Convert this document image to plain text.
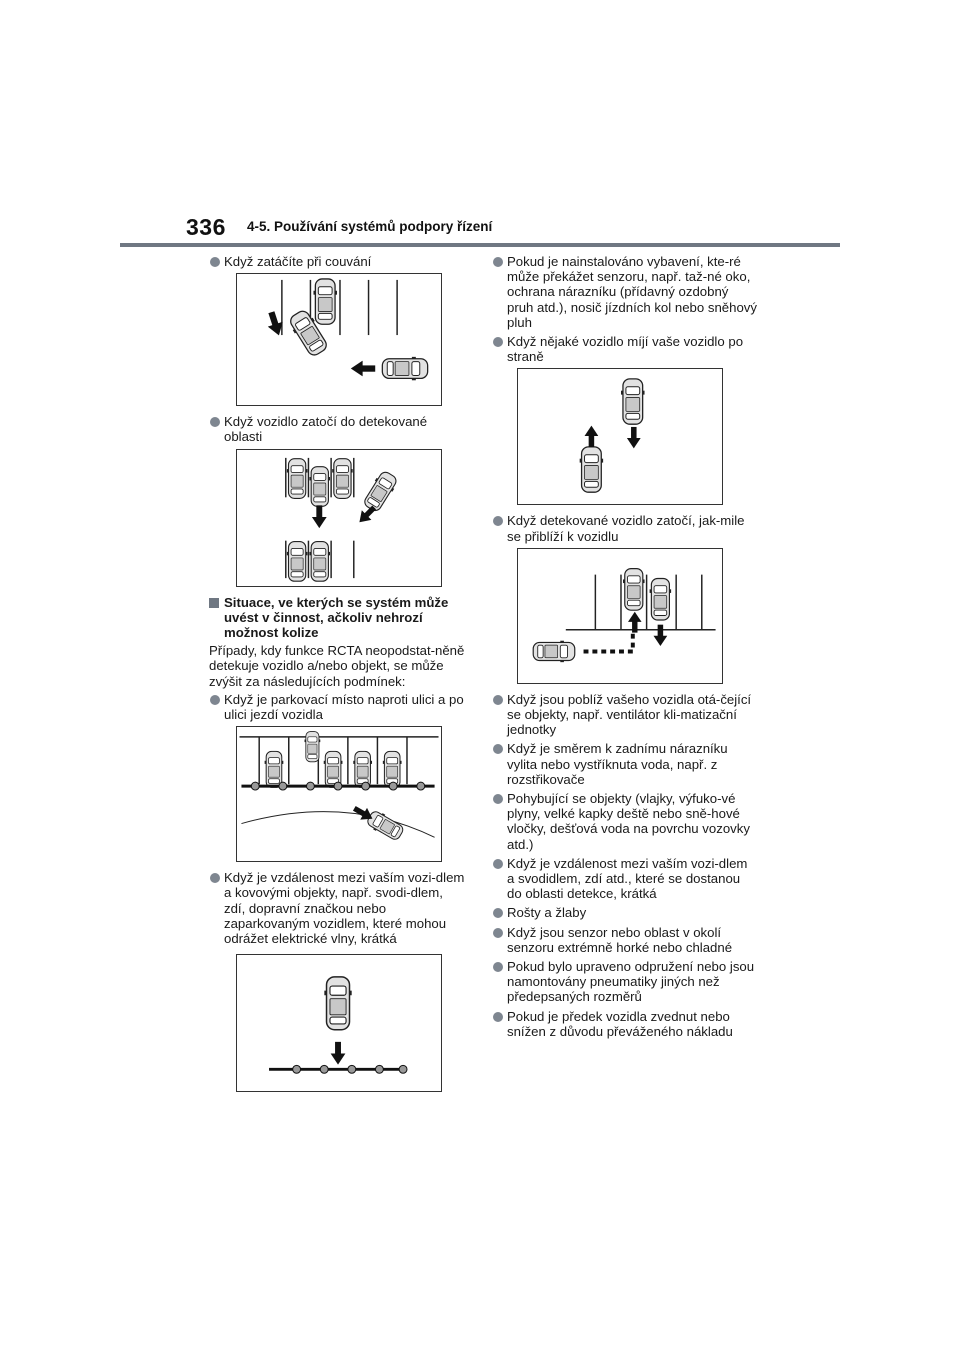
336 4-5. Používání systémů podpory řízení
Když zatáčíte při couvání
Když vozidlo zatočí do detekované oblasti
Situace, ve kterých se systém může uvést v činnost, ačkoliv nehrozí možnost kolize
Případy, kdy funkce RCTA neopodstat-něně detekuje vozidlo a/nebo objekt, se může zvýšit za následujících podmínek:
Když je parkovací místo naproti ulici a po ulici jezdí vozidla
Když je vzdálenost mezi vaším vozi-dlem a kovovými objekty, např. svodi-dlem, zdí, dopravní značkou nebo zaparkovaným vozidlem, které mohou odrážet elektrické vlny, krátká
Pokud je nainstalováno vybavení, kte-ré může překážet senzoru, např. taž-né oko, ochrana nárazníku (přídavný ozdobný pruh atd.), nosič jízdních kol nebo sněhový pluh
Když nějaké vozidlo míjí vaše vozidlo po straně
Když detekované vozidlo zatočí, jak-mile se přiblíží k vozidlu
Když jsou poblíž vašeho vozidla otá-čející se objekty, např. ventilátor kli-matizační jednotky
Když je směrem k zadnímu nárazníku vylita nebo vystříknuta voda, např. z rozstřikovače
Pohybující se objekty (vlajky, výfuko-vé plyny, velké kapky deště nebo sně-hové vločky, dešťová voda na povrchu vozovky atd.)
Když je vzdálenost mezi vaším vozi-dlem a svodidlem, zdí atd., které se dostanou do oblasti detekce, krátká
Rošty a žlaby
Když jsou senzor nebo oblast v okolí senzoru extrémně horké nebo chladné
Pokud bylo upraveno odpružení nebo jsou namontovány pneumatiky jiných než předepsaných rozměrů
Pokud je předek vozidla zvednut nebo snížen z důvodu převáženého nákladu
